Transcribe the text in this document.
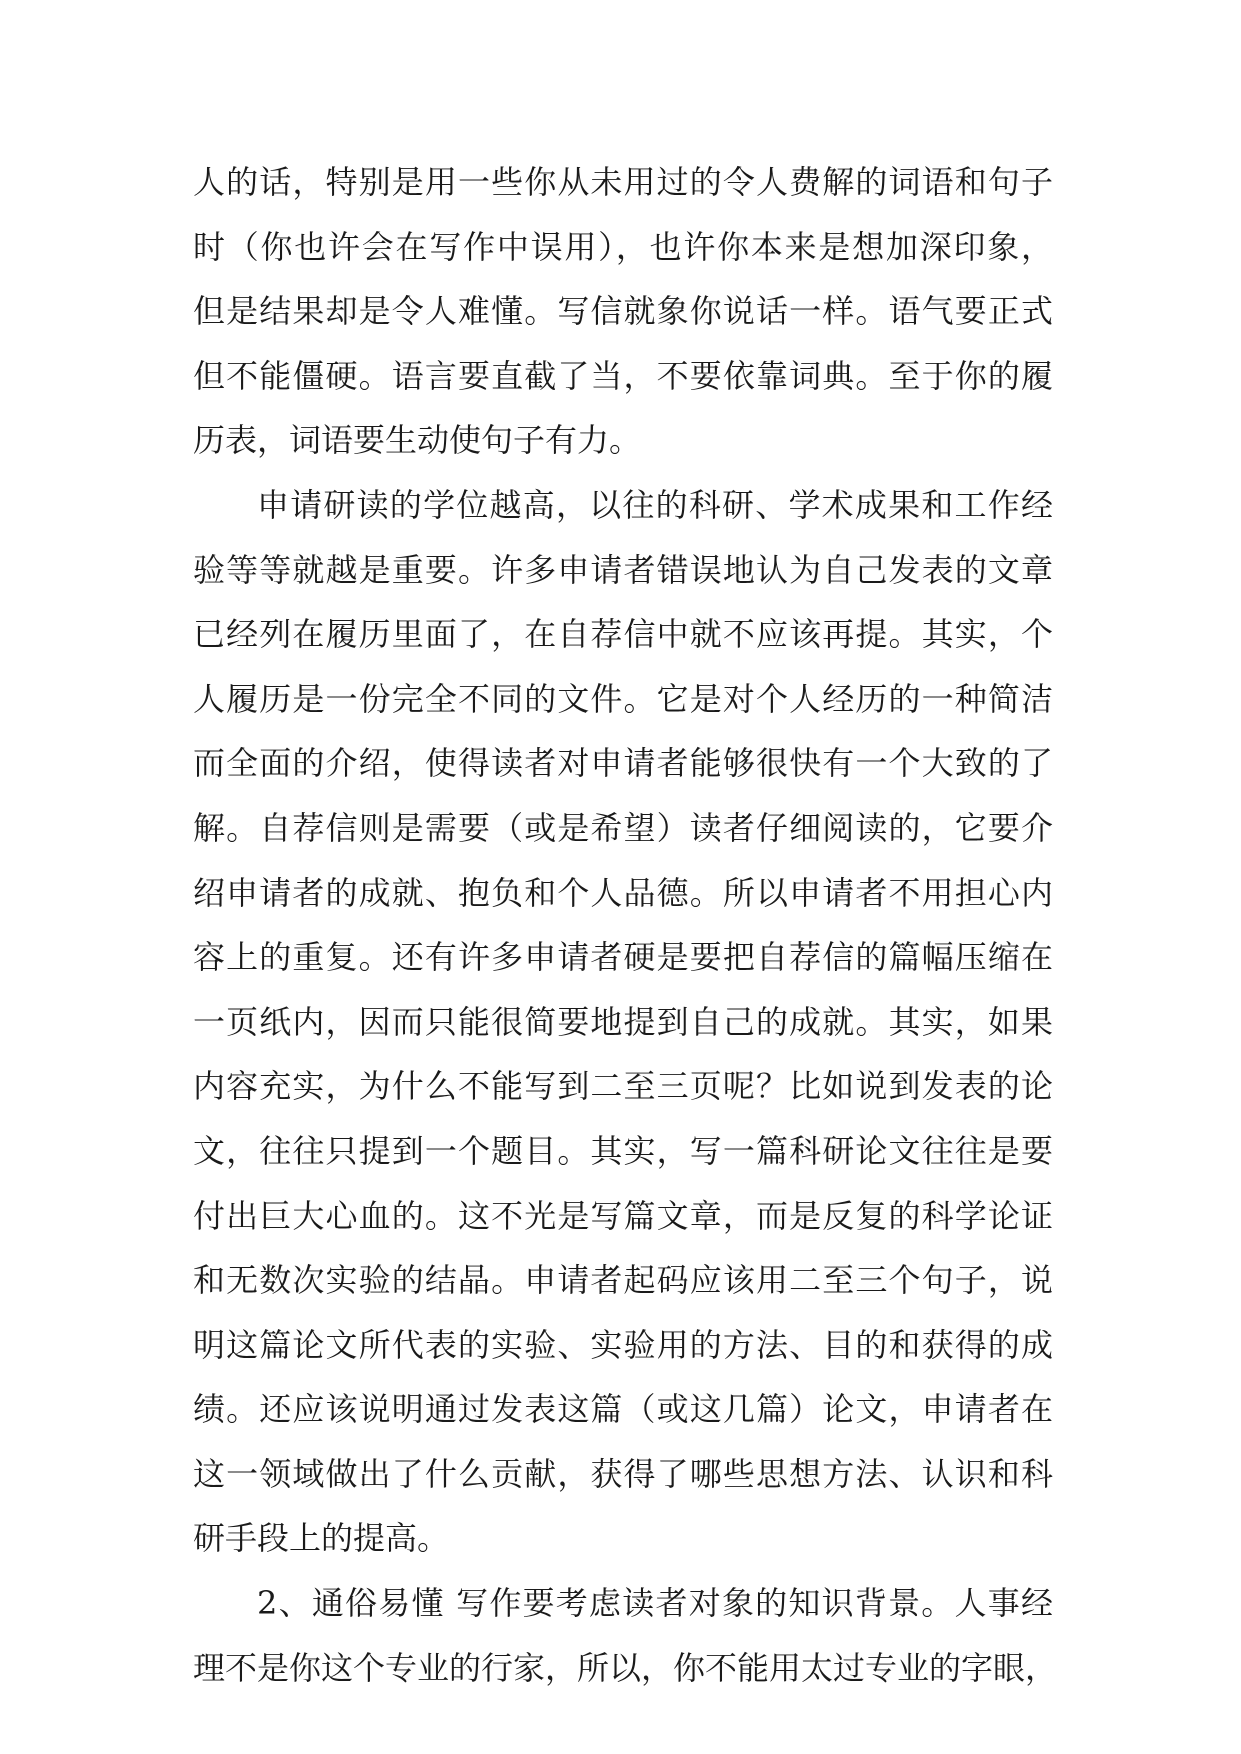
人的话，特别是用一些你从未用过的令人费解的词语和句子
时（你也许会在写作中误用），也许你本来是想加深印象，
但是结果却是令人难懂。写信就象你说话一样。语气要正式
但不能僵硬。语言要直截了当，不要依靠词典。至于你的履
历表，词语要生动使句子有力。
申请研读的学位越高，以往的科研、学术成果和工作经
验等等就越是重要。许多申请者错误地认为自己发表的文章
已经列在履历里面了，在自荐信中就不应该再提。其实，个
人履历是一份完全不同的文件。它是对个人经历的一种简洁
而全面的介绍，使得读者对申请者能够很快有一个大致的了
解。自荐信则是需要（或是希望）读者仔细阅读的，它要介
绍申请者的成就、抱负和个人品德。所以申请者不用担心内
容上的重复。还有许多申请者硬是要把自荐信的篇幅压缩在
一页纸内，因而只能很简要地提到自己的成就。其实，如果
内容充实，为什么不能写到二至三页呢？比如说到发表的论
文，往往只提到一个题目。其实，写一篇科研论文往往是要
付出巨大心血的。这不光是写篇文章，而是反复的科学论证
和无数次实验的结晶。申请者起码应该用二至三个句子，说
明这篇论文所代表的实验、实验用的方法、目的和获得的成
绩。还应该说明通过发表这篇（或这几篇）论文，申请者在
这一领域做出了什么贡献，获得了哪些思想方法、认识和科
研手段上的提高。
2、通俗易懂 写作要考虑读者对象的知识背景。人事经
理不是你这个专业的行家，所以，你不能用太过专业的字眼，
